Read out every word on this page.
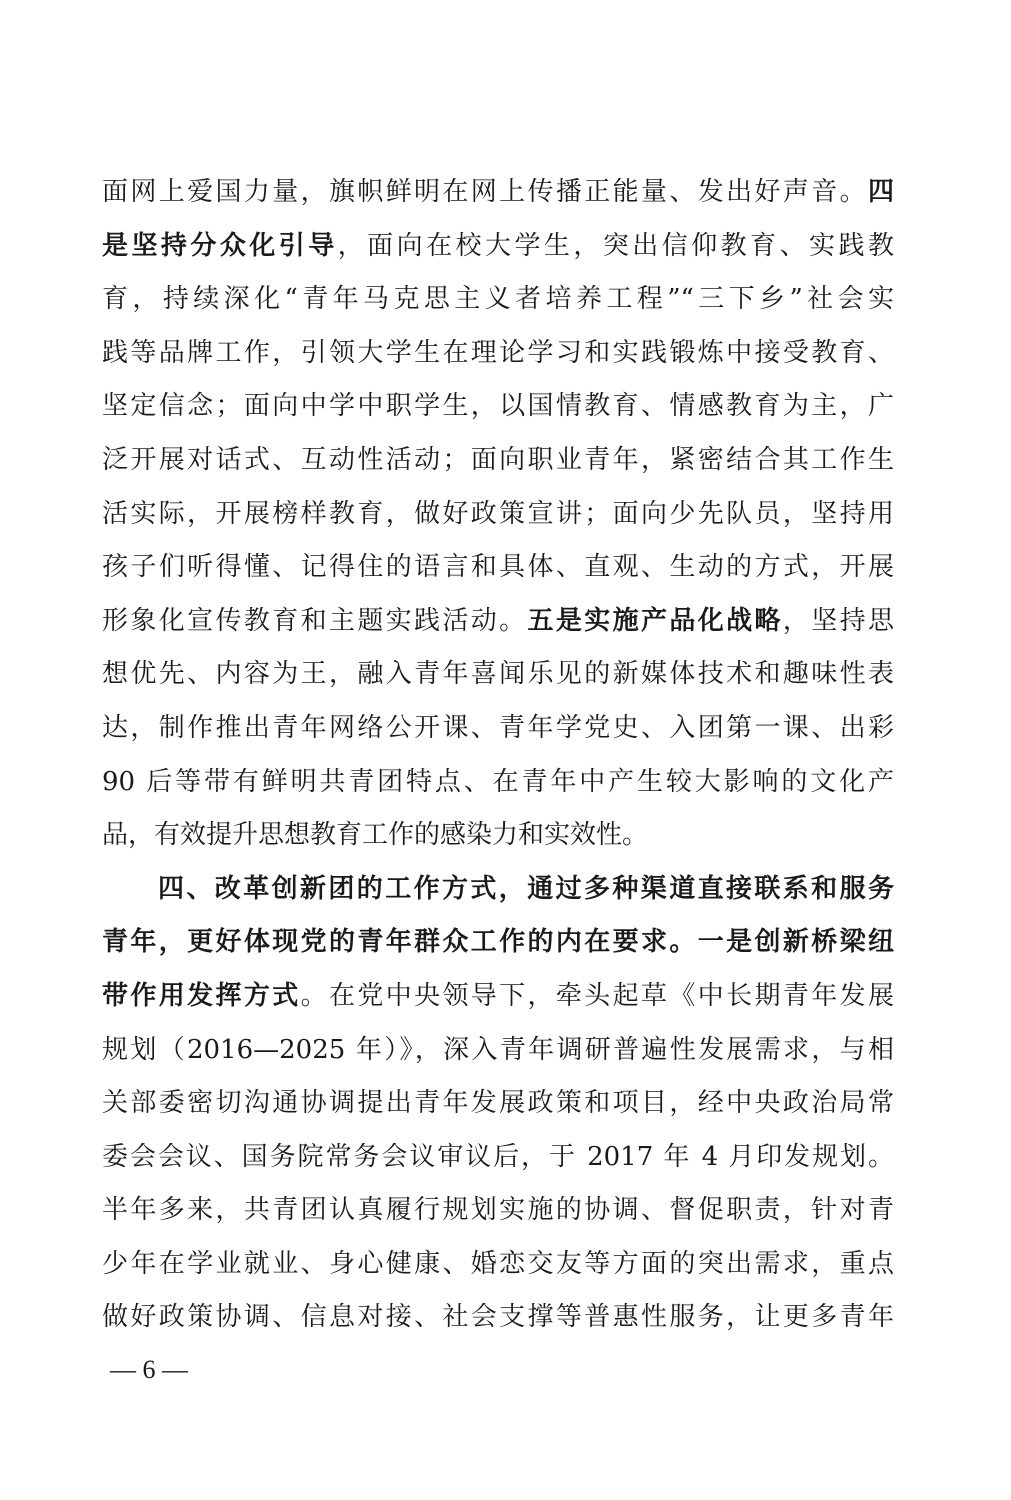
面网上爱国力量，旗帜鲜明在网上传播正能量、发出好声音。四
是坚持分众化引导，面向在校大学生，突出信仰教育、实践教
育，持续深化“青年马克思主义者培养工程”“三下乡”社会实
践等品牌工作，引领大学生在理论学习和实践锻炼中接受教育、
坚定信念；面向中学中职学生，以国情教育、情感教育为主，广
泛开展对话式、互动性活动；面向职业青年，紧密结合其工作生
活实际，开展榜样教育，做好政策宣讲；面向少先队员，坚持用
孩子们听得懂、记得住的语言和具体、直观、生动的方式，开展
形象化宣传教育和主题实践活动。五是实施产品化战略，坚持思
想优先、内容为王，融入青年喜闻乐见的新媒体技术和趣味性表
达，制作推出青年网络公开课、青年学党史、入团第一课、出彩
90 后等带有鲜明共青团特点、在青年中产生较大影响的文化产
品，有效提升思想教育工作的感染力和实效性。
四、改革创新团的工作方式，通过多种渠道直接联系和服务
青年，更好体现党的青年群众工作的内在要求。一是创新桥梁纽
带作用发挥方式。在党中央领导下，牵头起草《中长期青年发展
规划（2016—2025 年）》，深入青年调研普遍性发展需求，与相
关部委密切沟通协调提出青年发展政策和项目，经中央政治局常
委会会议、国务院常务会议审议后，于 2017 年 4 月印发规划。
半年多来，共青团认真履行规划实施的协调、督促职责，针对青
少年在学业就业、身心健康、婚恋交友等方面的突出需求，重点
做好政策协调、信息对接、社会支撑等普惠性服务，让更多青年
— 6 —
